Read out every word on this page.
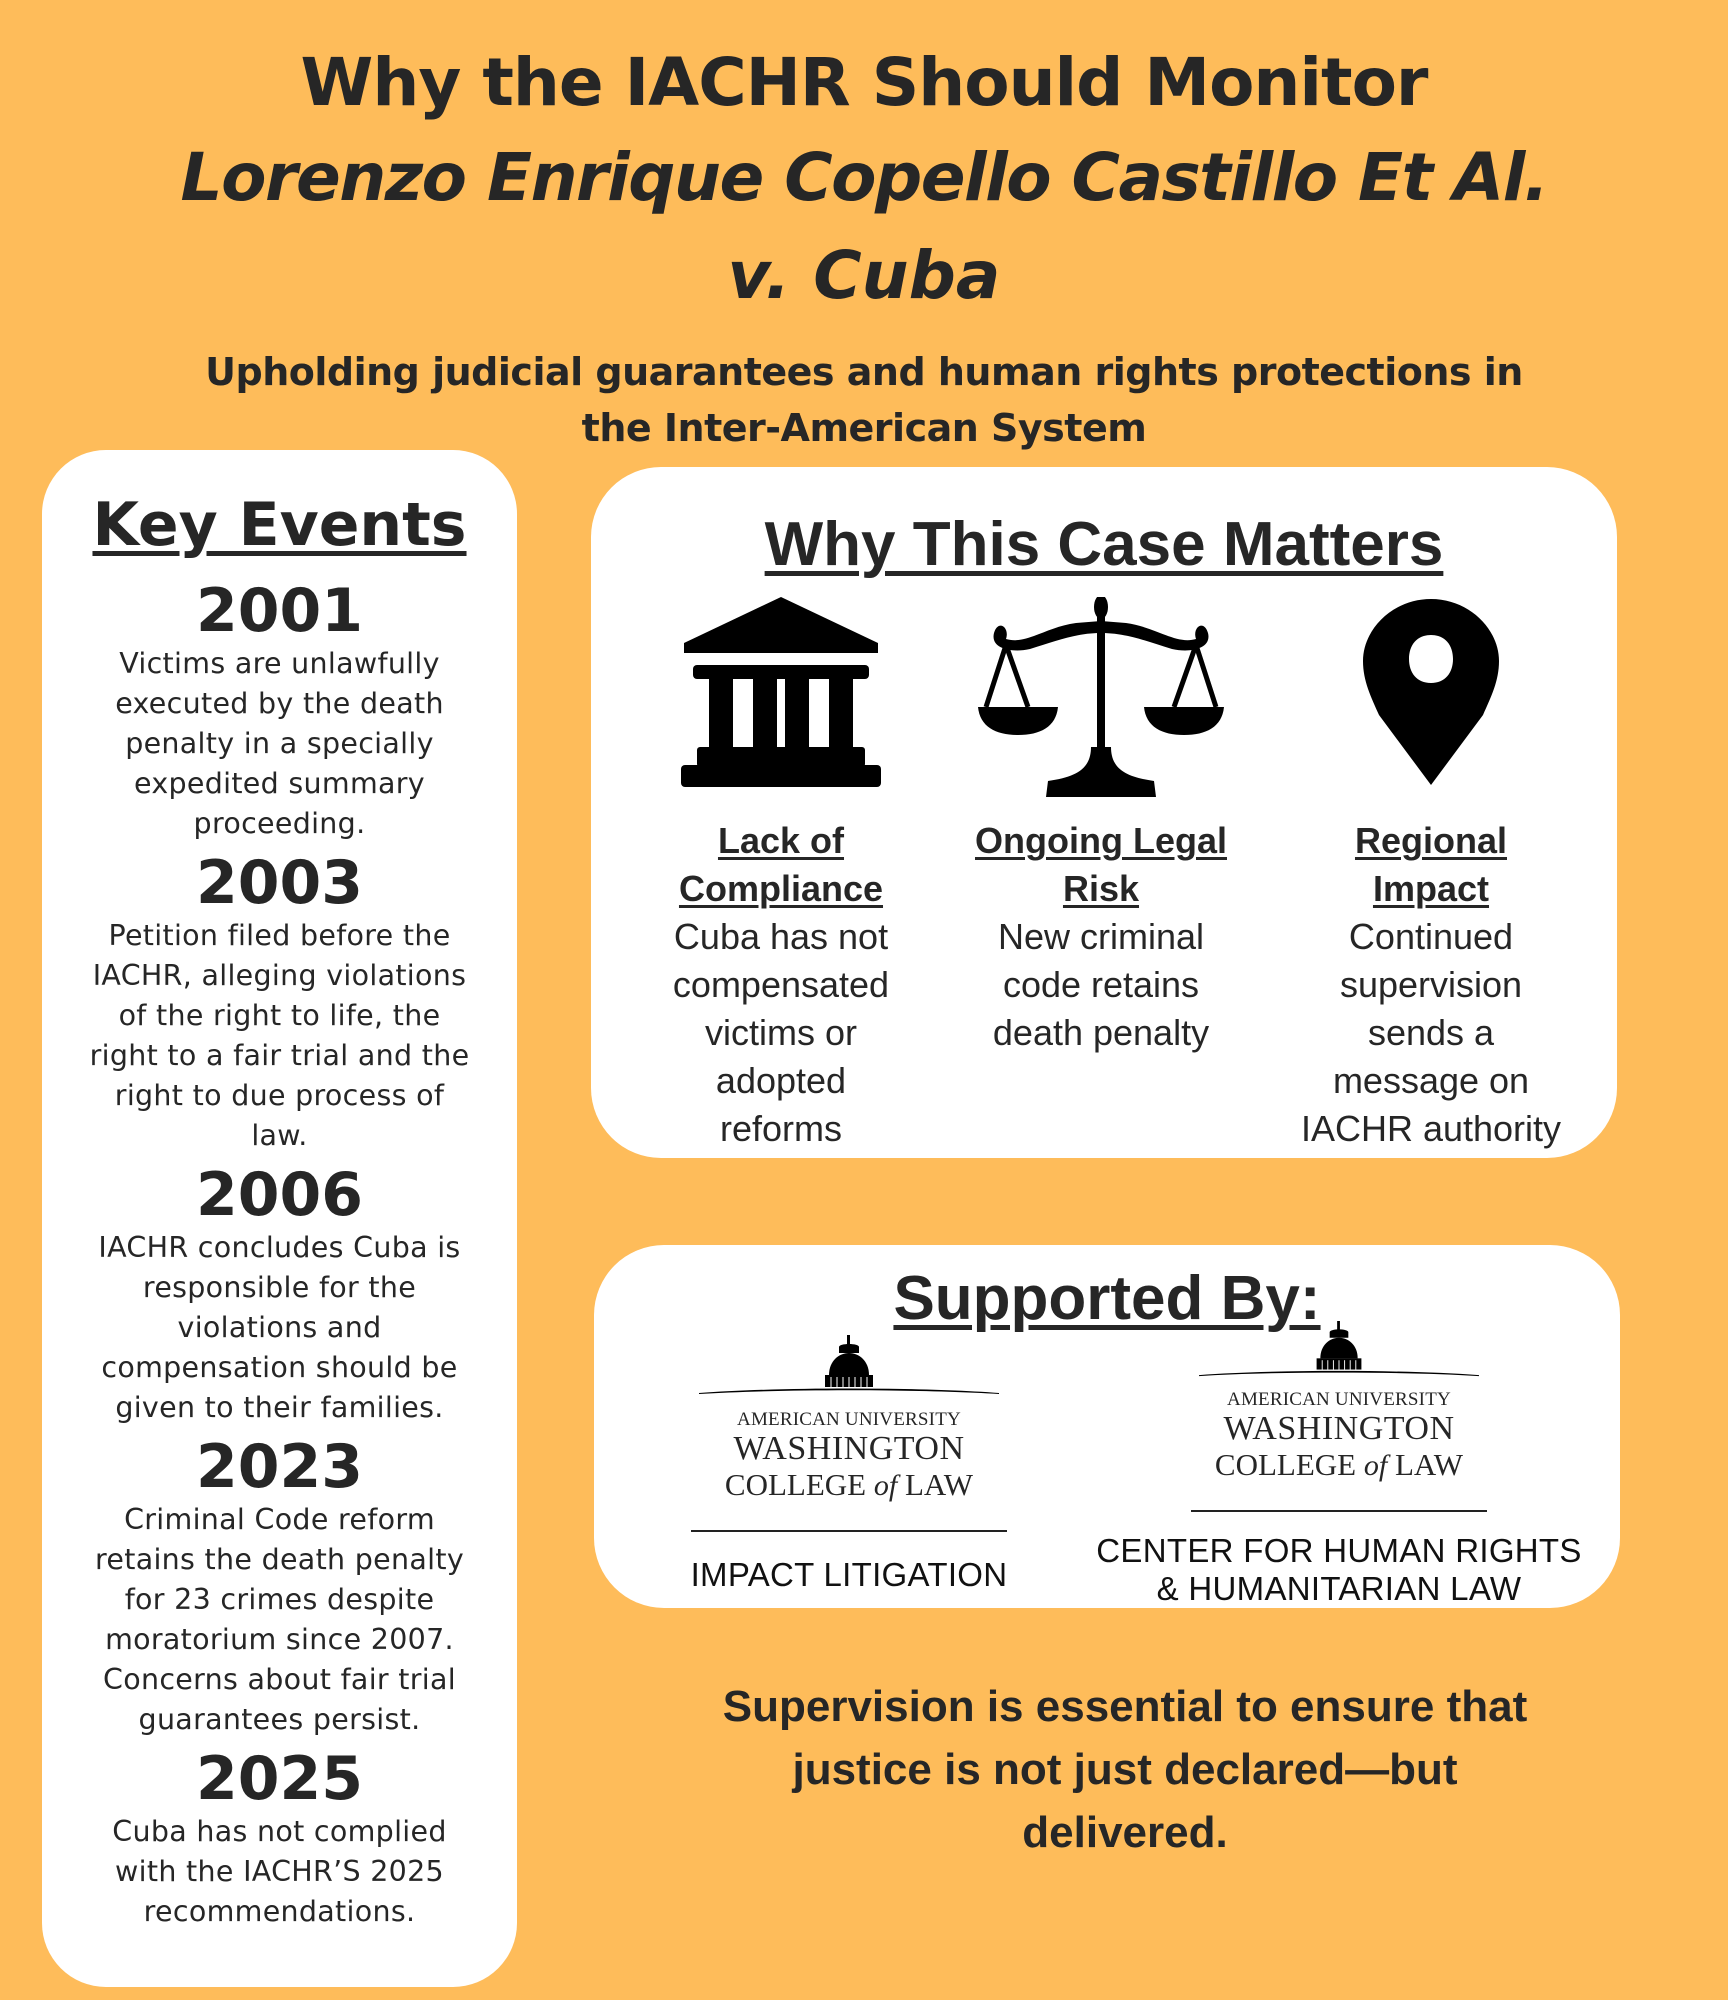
Why the IACHR Should Monitor
Lorenzo Enrique Copello Castillo Et Al.
v. Cuba
Upholding judicial guarantees and human rights protections in
the Inter-American System
Key Events
2001
Victims are unlawfully
executed by the death
penalty in a specially
expedited summary
proceeding.
2003
Petition filed before the
IACHR, alleging violations
of the right to life, the
right to a fair trial and the
right to due process of
law.
2006
IACHR concludes Cuba is
responsible for the
violations and
compensation should be
given to their families.
2023
Criminal Code reform
retains the death penalty
for 23 crimes despite
moratorium since 2007.
Concerns about fair trial
guarantees persist.
2025
Cuba has not complied
with the IACHR’S 2025
recommendations.
Why This Case Matters
Lack of
Compliance
Cuba has not
compensated
victims or
adopted
reforms
Ongoing Legal
Risk
New criminal
code retains
death penalty
Regional
Impact
Continued
supervision
sends a
message on
IACHR authority
Supported By:
AMERICAN UNIVERSITY
WASHINGTON
COLLEGE of LAW
IMPACT LITIGATION
AMERICAN UNIVERSITY
WASHINGTON
COLLEGE of LAW
CENTER FOR HUMAN RIGHTS
& HUMANITARIAN LAW
Supervision is essential to ensure that
justice is not just declared—but
delivered.
